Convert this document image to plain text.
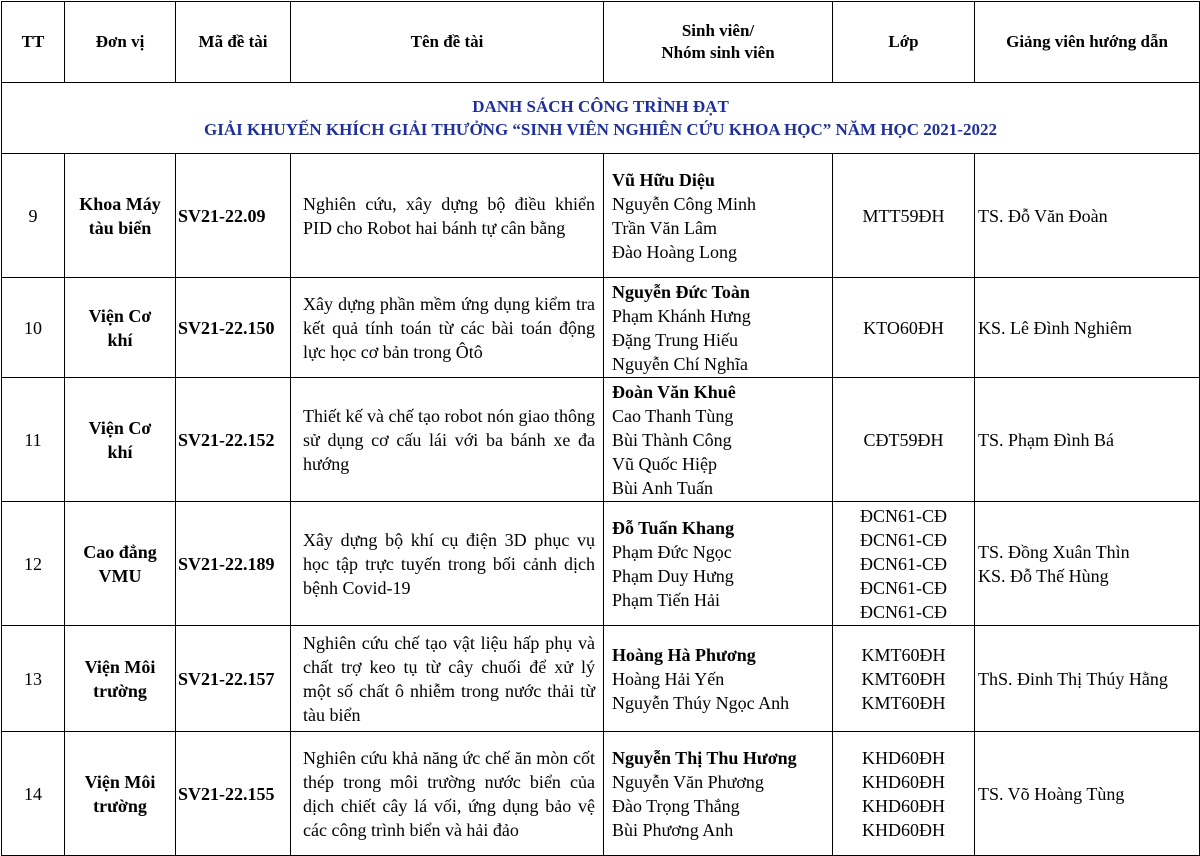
TT	Đơn vị	Mã đề tài	Tên đề tài	Sinh viên/
Nhóm sinh viên	Lớp	Giảng viên hướng dẫn

DANH SÁCH CÔNG TRÌNH ĐẠT
GIẢI KHUYẾN KHÍCH GIẢI THƯỞNG “SINH VIÊN NGHIÊN CỨU KHOA HỌC” NĂM HỌC 2021-2022						

9	Khoa Máy
tàu biển	SV21-22.09	Nghiên cứu, xây dựng bộ điều khiển PID cho Robot hai bánh tự cân bằng	Vũ Hữu Diệu
Nguyễn Công Minh
Trần Văn Lâm
Đào Hoàng Long	MTT59ĐH	TS. Đỗ Văn Đoàn

10	Viện Cơ
khí	SV21-22.150	Xây dựng phần mềm ứng dụng kiểm tra kết quả tính toán từ các bài toán động lực học cơ bản trong Ôtô	Nguyễn Đức Toàn
Phạm Khánh Hưng
Đặng Trung Hiếu
Nguyễn Chí Nghĩa	KTO60ĐH	KS. Lê Đình Nghiêm

11	Viện Cơ
khí	SV21-22.152	Thiết kế và chế tạo robot nón giao thông sử dụng cơ cấu lái với ba bánh xe đa hướng	Đoàn Văn Khuê
Cao Thanh Tùng
Bùi Thành Công
Vũ Quốc Hiệp
Bùi Anh Tuấn	CĐT59ĐH	TS. Phạm Đình Bá

12	Cao đẳng
VMU	SV21-22.189	Xây dựng bộ khí cụ điện 3D phục vụ học tập trực tuyến trong bối cảnh dịch bệnh Covid-19	Đỗ Tuấn Khang
Phạm Đức Ngọc
Phạm Duy Hưng
Phạm Tiến Hải	ĐCN61-CĐ
ĐCN61-CĐ
ĐCN61-CĐ
ĐCN61-CĐ
ĐCN61-CĐ	TS. Đồng Xuân Thìn
KS. Đỗ Thế Hùng

13	Viện Môi
trường	SV21-22.157	Nghiên cứu chế tạo vật liệu hấp phụ và chất trợ keo tụ từ cây chuối để xử lý một số chất ô nhiễm trong nước thải từ tàu biển	Hoàng Hà Phương
Hoàng Hải Yến
Nguyễn Thúy Ngọc Anh	KMT60ĐH
KMT60ĐH
KMT60ĐH	ThS. Đinh Thị Thúy Hằng

14	Viện Môi
trường	SV21-22.155	Nghiên cứu khả năng ức chế ăn mòn cốt thép trong môi trường nước biển của dịch chiết cây lá vối, ứng dụng bảo vệ các công trình biển và hải đảo	Nguyễn Thị Thu Hương
Nguyễn Văn Phương
Đào Trọng Thắng
Bùi Phương Anh	KHD60ĐH
KHD60ĐH
KHD60ĐH
KHD60ĐH	TS. Võ Hoàng Tùng
